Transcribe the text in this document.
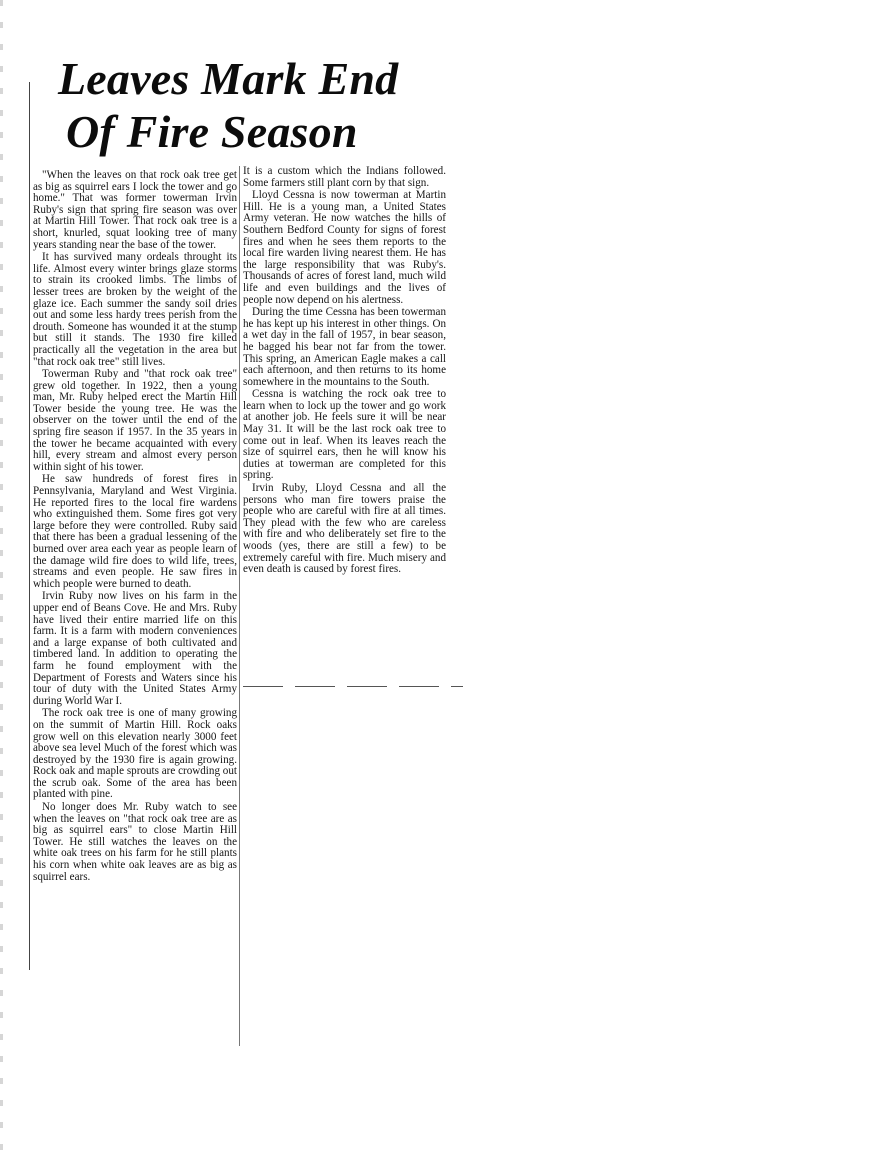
Leaves Mark End
Of Fire Season

"When the leaves on that rock oak tree get as big as squirrel ears I lock the tower and go home." That was former towerman Irvin Ruby's sign that spring fire season was over at Martin Hill Tower. That rock oak tree is a short, knurled, squat looking tree of many years standing near the base of the tower.

It has survived many ordeals throught its life. Almost every winter brings glaze storms to strain its crooked limbs. The limbs of lesser trees are broken by the weight of the glaze ice. Each summer the sandy soil dries out and some less hardy trees perish from the drouth. Someone has wounded it at the stump but still it stands. The 1930 fire killed practically all the vegetation in the area but "that rock oak tree" still lives.

Towerman Ruby and "that rock oak tree" grew old together. In 1922, then a young man, Mr. Ruby helped erect the Martin Hill Tower beside the young tree. He was the observer on the tower until the end of the spring fire season if 1957. In the 35 years in the tower he became acquainted with every hill, every stream and almost every person within sight of his tower.

He saw hundreds of forest fires in Pennsylvania, Maryland and West Virginia. He reported fires to the local fire wardens who extinguished them. Some fires got very large before they were controlled. Ruby said that there has been a gradual lessening of the burned over area each year as people learn of the damage wild fire does to wild life, trees, streams and even people. He saw fires in which people were burned to death.

Irvin Ruby now lives on his farm in the upper end of Beans Cove. He and Mrs. Ruby have lived their entire married life on this farm. It is a farm with modern conveniences and a large expanse of both cultivated and timbered land. In addition to operating the farm he found employment with the Department of Forests and Waters since his tour of duty with the United States Army during World War I.

The rock oak tree is one of many growing on the summit of Martin Hill. Rock oaks grow well on this elevation nearly 3000 feet above sea level Much of the forest which was destroyed by the 1930 fire is again growing. Rock oak and maple sprouts are crowding out the scrub oak. Some of the area has been planted with pine.

No longer does Mr. Ruby watch to see when the leaves on "that rock oak tree are as big as squirrel ears" to close Martin Hill Tower. He still watches the leaves on the white oak trees on his farm for he still plants his corn when white oak leaves are as big as squirrel ears.

It is a custom which the Indians followed. Some farmers still plant corn by that sign.

Lloyd Cessna is now towerman at Martin Hill. He is a young man, a United States Army veteran. He now watches the hills of Southern Bedford County for signs of forest fires and when he sees them reports to the local fire warden living nearest them. He has the large responsibility that was Ruby's. Thousands of acres of forest land, much wild life and even buildings and the lives of people now depend on his alertness.

During the time Cessna has been towerman he has kept up his interest in other things. On a wet day in the fall of 1957, in bear season, he bagged his bear not far from the tower. This spring, an American Eagle makes a call each afternoon, and then returns to its home somewhere in the mountains to the South.

Cessna is watching the rock oak tree to learn when to lock up the tower and go work at another job. He feels sure it will be near May 31. It will be the last rock oak tree to come out in leaf. When its leaves reach the size of squirrel ears, then he will know his duties at towerman are completed for this spring.

Irvin Ruby, Lloyd Cessna and all the persons who man fire towers praise the people who are careful with fire at all times. They plead with the few who are careless with fire and who deliberately set fire to the woods (yes, there are still a few) to be extremely careful with fire. Much misery and even death is caused by forest fires.
